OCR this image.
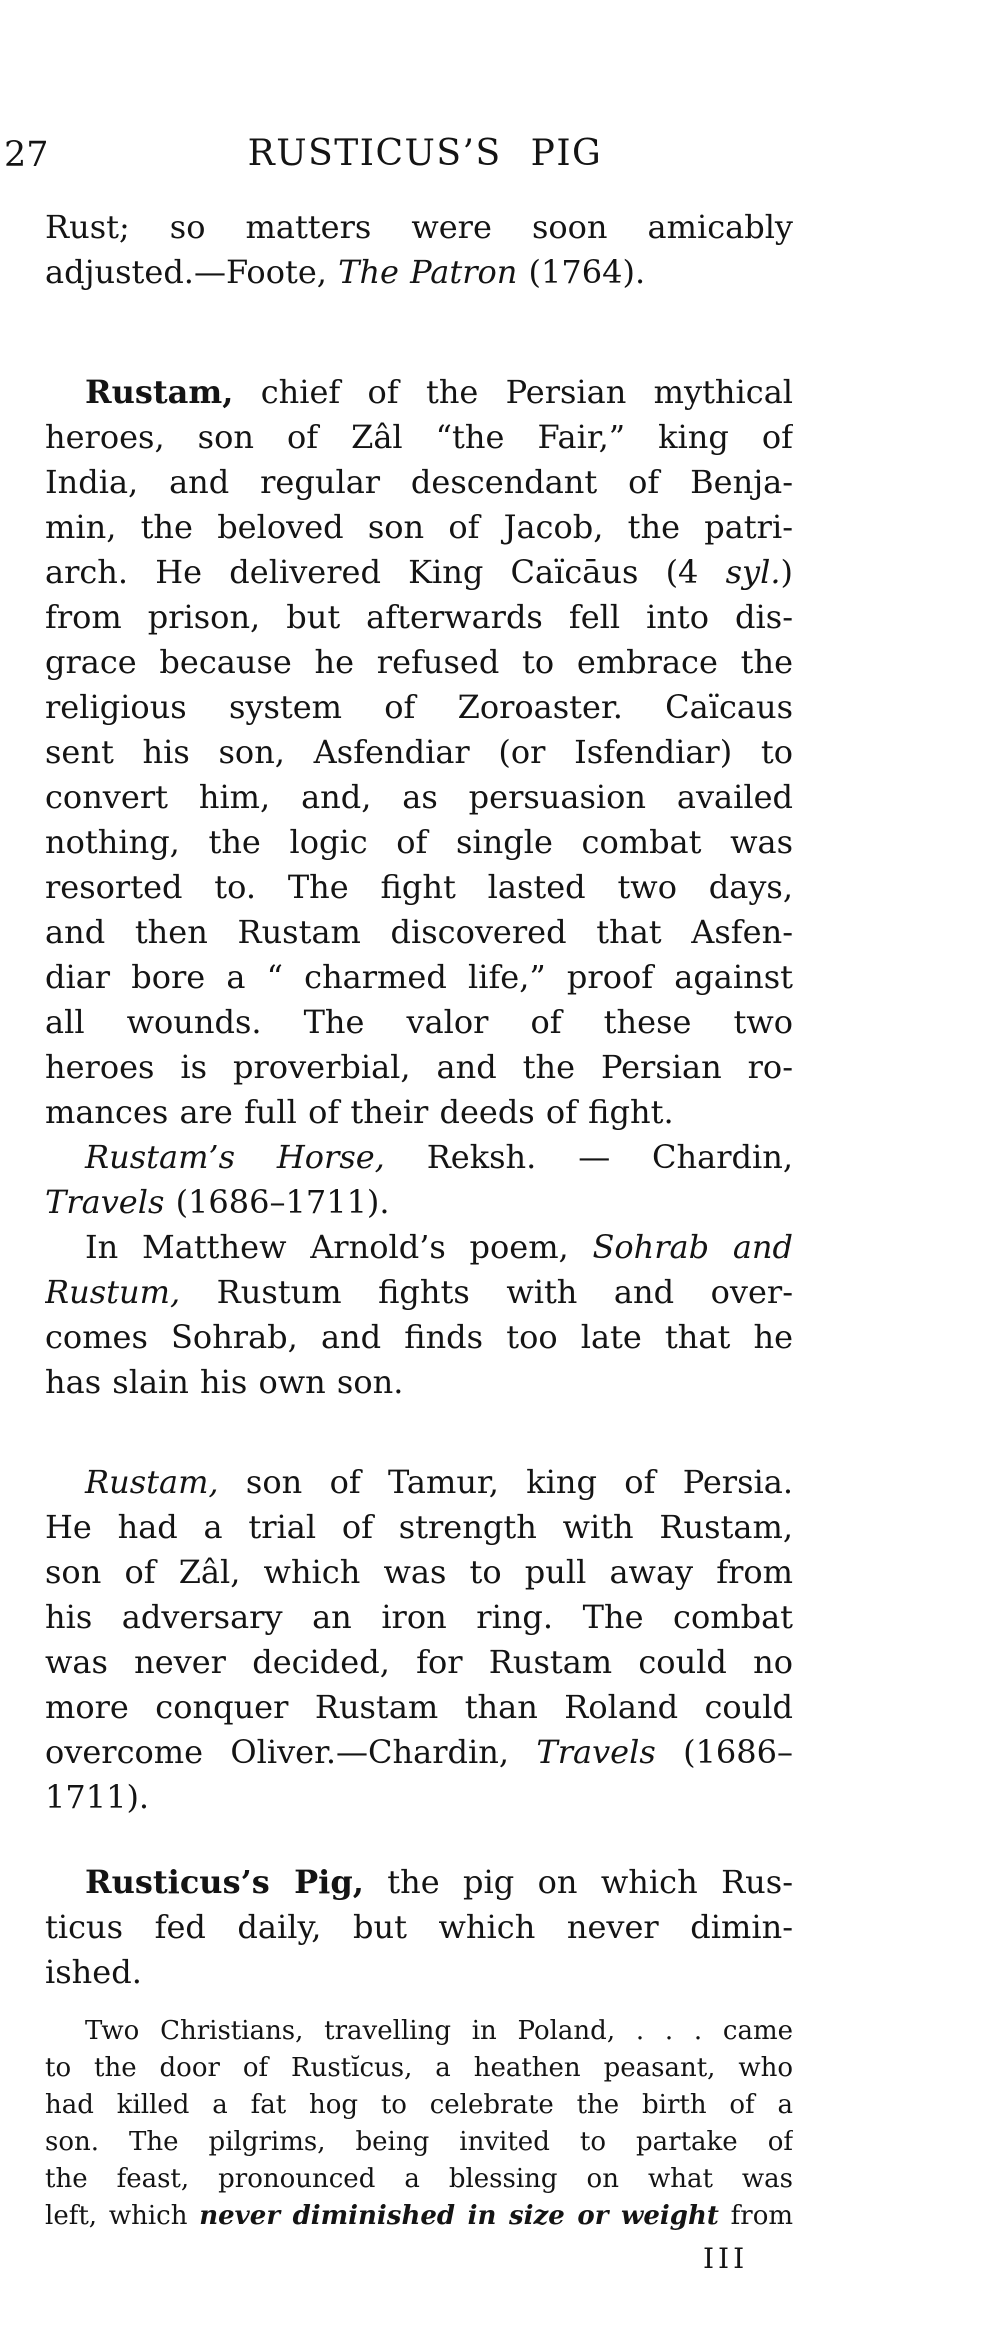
27	RUSTICUS’S PIG
Rust; so matters were soon amicably
adjusted.—Foote, The Patron (1764).
Rustam, chief of the Persian mythical
heroes, son of Zâl “the Fair,” king of
India, and regular descendant of Benja-
min, the beloved son of Jacob, the patri-
arch. He delivered King Caïcāus (4 syl.)
from prison, but afterwards fell into dis-
grace because he refused to embrace the
religious system of Zoroaster. Caïcaus
sent his son, Asfendiar (or Isfendiar) to
convert him, and, as persuasion availed
nothing, the logic of single combat was
resorted to. The fight lasted two days,
and then Rustam discovered that Asfen-
diar bore a “ charmed life,” proof against
all wounds. The valor of these two
heroes is proverbial, and the Persian ro-
mances are full of their deeds of fight.
Rustam’s Horse, Reksh. — Chardin,
Travels (1686–1711).
In Matthew Arnold’s poem, Sohrab and
Rustum, Rustum fights with and over-
comes Sohrab, and finds too late that he
has slain his own son.
Rustam, son of Tamur, king of Persia.
He had a trial of strength with Rustam,
son of Zâl, which was to pull away from
his adversary an iron ring. The combat
was never decided, for Rustam could no
more conquer Rustam than Roland could
overcome Oliver.—Chardin, Travels (1686–
1711).
Rusticus’s Pig, the pig on which Rus-
ticus fed daily, but which never dimin-
ished.
Two Christians, travelling in Poland, . . . came
to the door of Rustĭcus, a heathen peasant, who
had killed a fat hog to celebrate the birth of a
son. The pilgrims, being invited to partake of
the feast, pronounced a blessing on what was
left, which never diminished in size or weight from
III
